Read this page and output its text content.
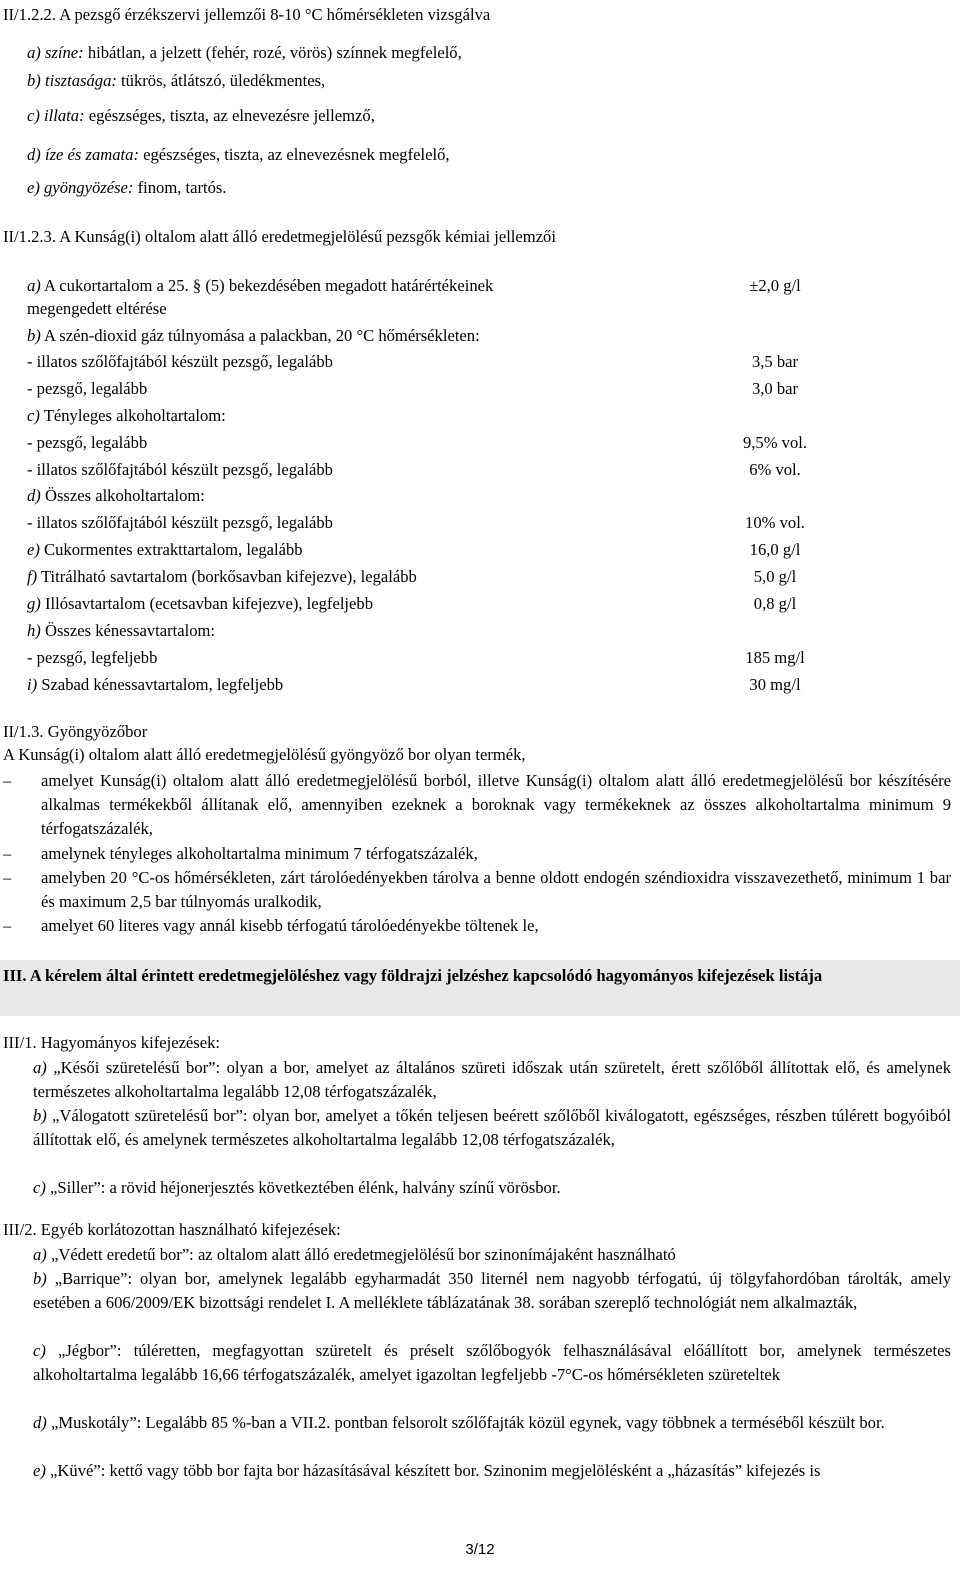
II/1.2.2. A pezsgő érzékszervi jellemzői 8-10 °C hőmérsékleten vizsgálva
a) színe: hibátlan, a jelzett (fehér, rozé, vörös) színnek megfelelő,
b) tisztasága: tükrös, átlátszó, üledékmentes,
c) illata: egészséges, tiszta, az elnevezésre jellemző,
d) íze és zamata: egészséges, tiszta, az elnevezésnek megfelelő,
e) gyöngyözése: finom, tartós.
II/1.2.3. A Kunság(i) oltalom alatt álló eredetmegjelölésű pezsgők kémiai jellemzői
a) A cukortartalom a 25. § (5) bekezdésében megadott határértékeinek	±2,0 g/l
megengedett eltérése
b) A szén-dioxid gáz túlnyomása a palackban, 20 °C hőmérsékleten:
- illatos szőlőfajtából készült pezsgő, legalább	3,5 bar
- pezsgő, legalább	3,0 bar
c) Tényleges alkoholtartalom:
- pezsgő, legalább	9,5% vol.
- illatos szőlőfajtából készült pezsgő, legalább	6% vol.
d) Összes alkoholtartalom:
- illatos szőlőfajtából készült pezsgő, legalább	10% vol.
e) Cukormentes extrakttartalom, legalább	16,0 g/l
f) Titrálható savtartalom (borkősavban kifejezve), legalább	5,0 g/l
g) Illósavtartalom (ecetsavban kifejezve), legfeljebb	0,8 g/l
h) Összes kénessavtartalom:
- pezsgő, legfeljebb	185 mg/l
i) Szabad kénessavtartalom, legfeljebb	30 mg/l
II/1.3. Gyöngyözőbor
A Kunság(i) oltalom alatt álló eredetmegjelölésű gyöngyöző bor olyan termék,
– amelyet Kunság(i) oltalom alatt álló eredetmegjelölésű borból, illetve Kunság(i) oltalom alatt álló eredetmegjelölésű bor készítésére alkalmas termékekből állítanak elő, amennyiben ezeknek a boroknak vagy termékeknek az összes alkoholtartalma minimum 9 térfogatszázalék,
– amelynek tényleges alkoholtartalma minimum 7 térfogatszázalék,
– amelyben 20 °C-os hőmérsékleten, zárt tárolóedényekben tárolva a benne oldott endogén széndioxidra visszavezethető, minimum 1 bar és maximum 2,5 bar túlnyomás uralkodik,
– amelyet 60 literes vagy annál kisebb térfogatú tárolóedényekbe töltenek le,
III. A kérelem által érintett eredetmegjelöléshez vagy földrajzi jelzéshez kapcsolódó hagyományos kifejezések listája
III/1. Hagyományos kifejezések:
a) „Késői szüretelésű bor”: olyan a bor, amelyet az általános szüreti időszak után szüretelt, érett szőlőből állítottak elő, és amelynek természetes alkoholtartalma legalább 12,08 térfogatszázalék,
b) „Válogatott szüretelésű bor”: olyan bor, amelyet a tőkén teljesen beérett szőlőből kiválogatott, egészséges, részben túlérett bogyóiból állítottak elő, és amelynek természetes alkoholtartalma legalább 12,08 térfogatszázalék,
c) „Siller”: a rövid héjonerjesztés következtében élénk, halvány színű vörösbor.
III/2. Egyéb korlátozottan használható kifejezések:
a) „Védett eredetű bor”: az oltalom alatt álló eredetmegjelölésű bor szinonímájaként használható
b) „Barrique”: olyan bor, amelynek legalább egyharmadát 350 liternél nem nagyobb térfogatú, új tölgyfahordóban tárolták, amely esetében a 606/2009/EK bizottsági rendelet I. A melléklete táblázatának 38. sorában szereplő technológiát nem alkalmazták,
c) „Jégbor”: túléretten, megfagyottan szüretelt és préselt szőlőbogyók felhasználásával előállított bor, amelynek természetes alkoholtartalma legalább 16,66 térfogatszázalék, amelyet igazoltan legfeljebb -7°C-os hőmérsékleten szüreteltek
d) „Muskotály”: Legalább 85 %-ban a VII.2. pontban felsorolt szőlőfajták közül egynek, vagy többnek a terméséből készült bor.
e) „Küvé”: kettő vagy több bor fajta bor házasításával készített bor. Szinonim megjelölésként a „házasítás” kifejezés is
3/12
